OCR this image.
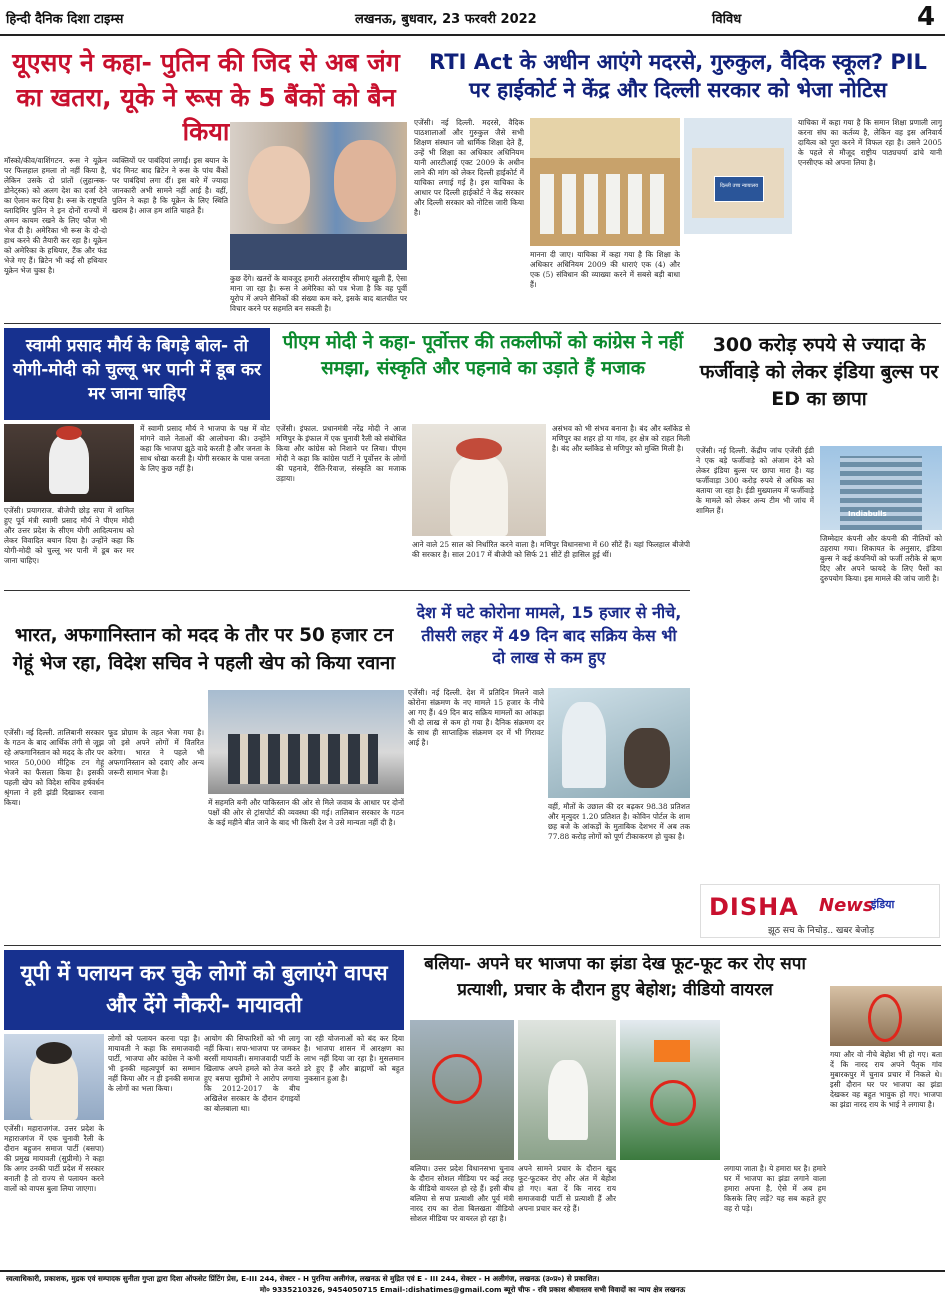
हिन्दी दैनिक दिशा टाइम्स	लखनऊ, बुधवार, 23 फरवरी 2022	विविध	4
यूएसए ने कहा- पुतिन की जिद से अब जंग का खतरा, यूके ने रूस के 5 बैंकों को बैन किया
मॉस्को/कीव/वाशिंगटन. रूस ने यूक्रेन पर फिलहाल हमला तो नहीं किया है, लेकिन उसके दो प्रांतों (लुहान्स्क-डोनेट्स्क) को अलग देश का दर्जा देने का ऐलान कर दिया है। रूस के राष्ट्रपति व्लादिमिर पुतिन ने इन दोनों राज्यों में अमन कायम रखने के लिए फौज भी भेज दी है। अमेरिका भी रूस के दो-दो हाथ करने की तैयारी कर रहा है। यूक्रेन को अमेरिका के हथियार, टैंक और फंड भेजे गए हैं। ब्रिटेन भी कई सौ हथियार यूक्रेन भेज चुका है।
व्यक्तियों पर पाबंदियां लगाईं। इस बयान के चंद मिनट बाद ब्रिटेन ने रूस के पांच बैंकों पर पाबंदियां लगा दीं। इस बारे में ज्यादा जानकारी अभी सामने नहीं आई है। वहीं, पुतिन ने कहा है कि यूक्रेन के लिए स्थिति खराब है। आज हम शांति चाहते हैं।
कुछ देंगे। खतरों के बावजूद हमारी अंतरराष्ट्रीय सीमाएं खुली हैं, ऐसा माना जा रहा है। रूस ने अमेरिका को पत्र भेजा है कि वह पूर्वी यूरोप में अपने सैनिकों की संख्या कम करे, इसके बाद बातचीत पर विचार करने पर सहमति बन सकती है।
RTI Act के अधीन आएंगे मदरसे, गुरुकुल, वैदिक स्कूल? PIL
पर हाईकोर्ट ने केंद्र और दिल्ली सरकार को भेजा नोटिस
एजेंसी। नई दिल्ली. मदरसे, वैदिक पाठशालाओं और गुरुकुल जैसे सभी शिक्षण संस्थान जो धार्मिक शिक्षा देते हैं, उन्हें भी शिक्षा का अधिकार अधिनियम यानी आरटीआई एक्ट 2009 के अधीन लाने की मांग को लेकर दिल्ली हाईकोर्ट में याचिका लगाई गई है। इस याचिका के आधार पर दिल्ली हाईकोर्ट ने केंद्र सरकार और दिल्ली सरकार को नोटिस जारी किया है।
दिल्ली उच्च न्यायालय
मानना दी जाए। याचिका में कहा गया है कि शिक्षा के अधिकार अधिनियम 2009 की धाराएं एक (4) और एक (5) संविधान की व्याख्या करने में सबसे बड़ी बाधा हैं।
याचिका में कहा गया है कि समान शिक्षा प्रणाली लागू करना संघ का कर्तव्य है, लेकिन वह इस अनिवार्य दायित्व को पूरा करने में विफल रहा है। उसने 2005 के पहले से मौजूद राष्ट्रीय पाठ्यचर्या ढांचे यानी एनसीएफ को अपना लिया है।
स्वामी प्रसाद मौर्य के बिगड़े बोल- तो योगी-मोदी को चुल्लू भर पानी में डूब कर मर जाना चाहिए
एजेंसी। प्रयागराज. बीजेपी छोड़ सपा में शामिल हुए पूर्व मंत्री स्वामी प्रसाद मौर्य ने पीएम मोदी और उत्तर प्रदेश के सीएम योगी आदित्यनाथ को लेकर विवादित बयान दिया है। उन्होंने कहा कि योगी-मोदी को चुल्लू भर पानी में डूब कर मर जाना चाहिए।
में स्वामी प्रसाद मौर्य ने भाजपा के पक्ष में वोट मांगने वाले नेताओं की आलोचना की। उन्होंने कहा कि भाजपा झूठे वादे करती है और जनता के साथ धोखा करती है। योगी सरकार के पास जनता के लिए कुछ नहीं है।
पीएम मोदी ने कहा- पूर्वोत्तर की तकलीफों को कांग्रेस ने नहीं समझा, संस्कृति और पहनावे का उड़ाते हैं मजाक
एजेंसी। इंफाल. प्रधानमंत्री नरेंद्र मोदी ने आज मणिपुर के इंफाल में एक चुनावी रैली को संबोधित किया और कांग्रेस को निशाने पर लिया। पीएम मोदी ने कहा कि कांग्रेस पार्टी ने पूर्वोत्तर के लोगों की पहनावे, रीति-रिवाज, संस्कृति का मजाक उड़ाया।
असंभव को भी संभव बनाना है। बंद और ब्लॉकेड से मणिपुर का शहर हो या गांव, हर क्षेत्र को राहत मिली है। बंद और ब्लॉकेड से मणिपुर को मुक्ति मिली है।
आने वाले 25 साल को निर्धारित करने वाला है। मणिपुर विधानसभा में 60 सीटें हैं। यहां फिलहाल बीजेपी की सरकार है। साल 2017 में बीजेपी को सिर्फ 21 सीटें ही हासिल हुई थीं।
300 करोड़ रुपये से ज्यादा के फर्जीवाड़े को लेकर इंडिया बुल्स पर ED का छापा
एजेंसी। नई दिल्ली. केंद्रीय जांच एजेंसी ईडी ने एक बड़े फर्जीवाड़े को अंजाम देने को लेकर इंडिया बुल्स पर छापा मारा है। यह फर्जीवाड़ा 300 करोड़ रुपये से अधिक का बताया जा रहा है। ईडी मुख्यालय में फर्जीवाड़े के मामले को लेकर अन्य टीम भी जांच में शामिल हैं।	Indiabulls
जिम्मेदार कंपनी और कंपनी की नीतियों को ठहराया गया। शिकायत के अनुसार, इंडिया बुल्स ने कई कंपनियों को फर्जी तरीके से ऋण दिए और अपने फायदे के लिए पैसों का दुरुपयोग किया। इस मामले की जांच जारी है।
भारत, अफगानिस्तान को मदद के तौर पर 50 हजार टन गेहूं भेज रहा, विदेश सचिव ने पहली खेप को किया रवाना
एजेंसी। नई दिल्ली. तालिबानी सरकार के गठन के बाद आर्थिक तंगी से जूझ रहे अफगानिस्तान को मदद के तौर पर भारत 50,000 मीट्रिक टन गेहूं भेजने का फैसला किया है। इसकी पहली खेप को विदेश सचिव हर्षवर्धन श्रृंगला ने हरी झंडी दिखाकर रवाना किया।
फूड प्रोग्राम के तहत भेजा गया है। जो इसे अपने लोगों में वितरित करेगा। भारत ने पहले भी अफगानिस्तान को दवाएं और अन्य जरूरी सामान भेजा है।
में सहमति बनी और पाकिस्तान की ओर से मिले जवाब के आधार पर दोनों पक्षों की ओर से ट्रांसपोर्ट की व्यवस्था की गई। तालिबान सरकार के गठन के कई महीने बीत जाने के बाद भी किसी देश ने उसे मान्यता नहीं दी है।
देश में घटे कोरोना मामले, 15 हजार से नीचे, तीसरी लहर में 49 दिन बाद सक्रिय केस भी दो लाख से कम हुए
एजेंसी। नई दिल्ली. देश में प्रतिदिन मिलने वाले कोरोना संक्रमण के नए मामले 15 हजार के नीचे आ गए हैं। 49 दिन बाद सक्रिय मामलों का आंकड़ा भी दो लाख से कम हो गया है। दैनिक संक्रमण दर के साथ ही साप्ताहिक संक्रमण दर में भी गिरावट आई है।
वहीं, मौतों के उछाल की दर बढ़कर 98.38 प्रतिशत और मृत्युदर 1.20 प्रतिशत है। कोविन पोर्टल के शाम छह बजे के आंकड़ों के मुताबिक देशभर में अब तक 77.88 करोड़ लोगों को पूर्ण टीकाकरण हो चुका है।
DISHA News
इंडिया
झूठ सच के निचोड़.. खबर बेजोड़
यूपी में पलायन कर चुके लोगों को बुलाएंगे वापस और देंगे नौकरी- मायावती
एजेंसी। महाराजगंज. उत्तर प्रदेश के महाराजगंज में एक चुनावी रैली के दौरान बहुजन समाज पार्टी (बसपा) की प्रमुख मायावती (सुप्रीमो) ने कहा कि अगर उनकी पार्टी प्रदेश में सरकार बनाती है तो राज्य से पलायन करने वालों को वापस बुला लिया जाएगा।
लोगों को पलायन करना पड़ा है। मायावती ने कहा कि समाजवादी पार्टी, भाजपा और कांग्रेस ने कभी भी इनकी महत्वपूर्ण का सम्मान नहीं किया और न ही इनकी समाज के लोगों का भला किया।
आयोग की सिफारिशों को भी लागू नहीं किया। सपा-भाजपा पर जमकर बरसीं मायावती। समाजवादी पार्टी के खिलाफ अपने हमले को तेज करते हुए बसपा सुप्रीमो ने आरोप लगाया कि 2012-2017 के बीच अखिलेश सरकार के दौरान दंगाइयों का बोलबाला था।
जा रही योजनाओं को बंद कर दिया है। भाजपा शासन में आरक्षण का लाभ नहीं दिया जा रहा है। मुसलमान डरे हुए हैं और ब्राह्मणों को बहुत नुकसान हुआ है।
बलिया- अपने घर भाजपा का झंडा देख फूट-फूट कर रोए सपा प्रत्याशी, प्रचार के दौरान हुए बेहोश; वीडियो वायरल
बलिया। उत्तर प्रदेश विधानसभा चुनाव के दौरान सोशल मीडिया पर कई तरह के वीडियो वायरल हो रहे हैं। इसी बीच बलिया से सपा प्रत्याशी और पूर्व मंत्री नारद राय का रोता बिलखता वीडियो सोशल मीडिया पर वायरल हो रहा है।
अपने सामने प्रचार के दौरान खुद फूट-फूटकर रोए और अंत में बेहोश हो गए। बता दें कि नारद राय समाजवादी पार्टी से प्रत्याशी हैं और अपना प्रचार कर रहे हैं।
लगाया जाता है। ये हमारा घर है। हमारे घर में भाजपा का झंडा लगाने वाला हमारा अपना है, ऐसे में अब हम किसके लिए लड़ें? यह सब कहते हुए वह रो पड़े।
गया और वो नीचे बेहोश भी हो गए। बता दें कि नारद राय अपने पैतृक गांव मुबारकपुर में चुनाव प्रचार में निकले थे। इसी दौरान घर पर भाजपा का झंडा देखकर वह बहुत भावुक हो गए। भाजपा का झंडा नारद राय के भाई ने लगाया है।
स्वत्वाधिकारी, प्रकाशक, मुद्रक एवं सम्पादक सुनीता गुप्ता द्वारा दिशा ऑफसेट प्रिंटिंग प्रेस, E-III 244, सेक्टर - H पुरनिया अलीगंज, लखनऊ से मुद्रित एवं E - III 244, सेक्टर - H अलीगंज, लखनऊ (उ०प्र०) से प्रकाशित।
मो० 9335210326, 9454050715 Email-:dishatimes@gmail.com ब्यूरो चीफ - रवि प्रकाश श्रीवास्तव सभी विवादों का न्याय क्षेत्र लखनऊ
